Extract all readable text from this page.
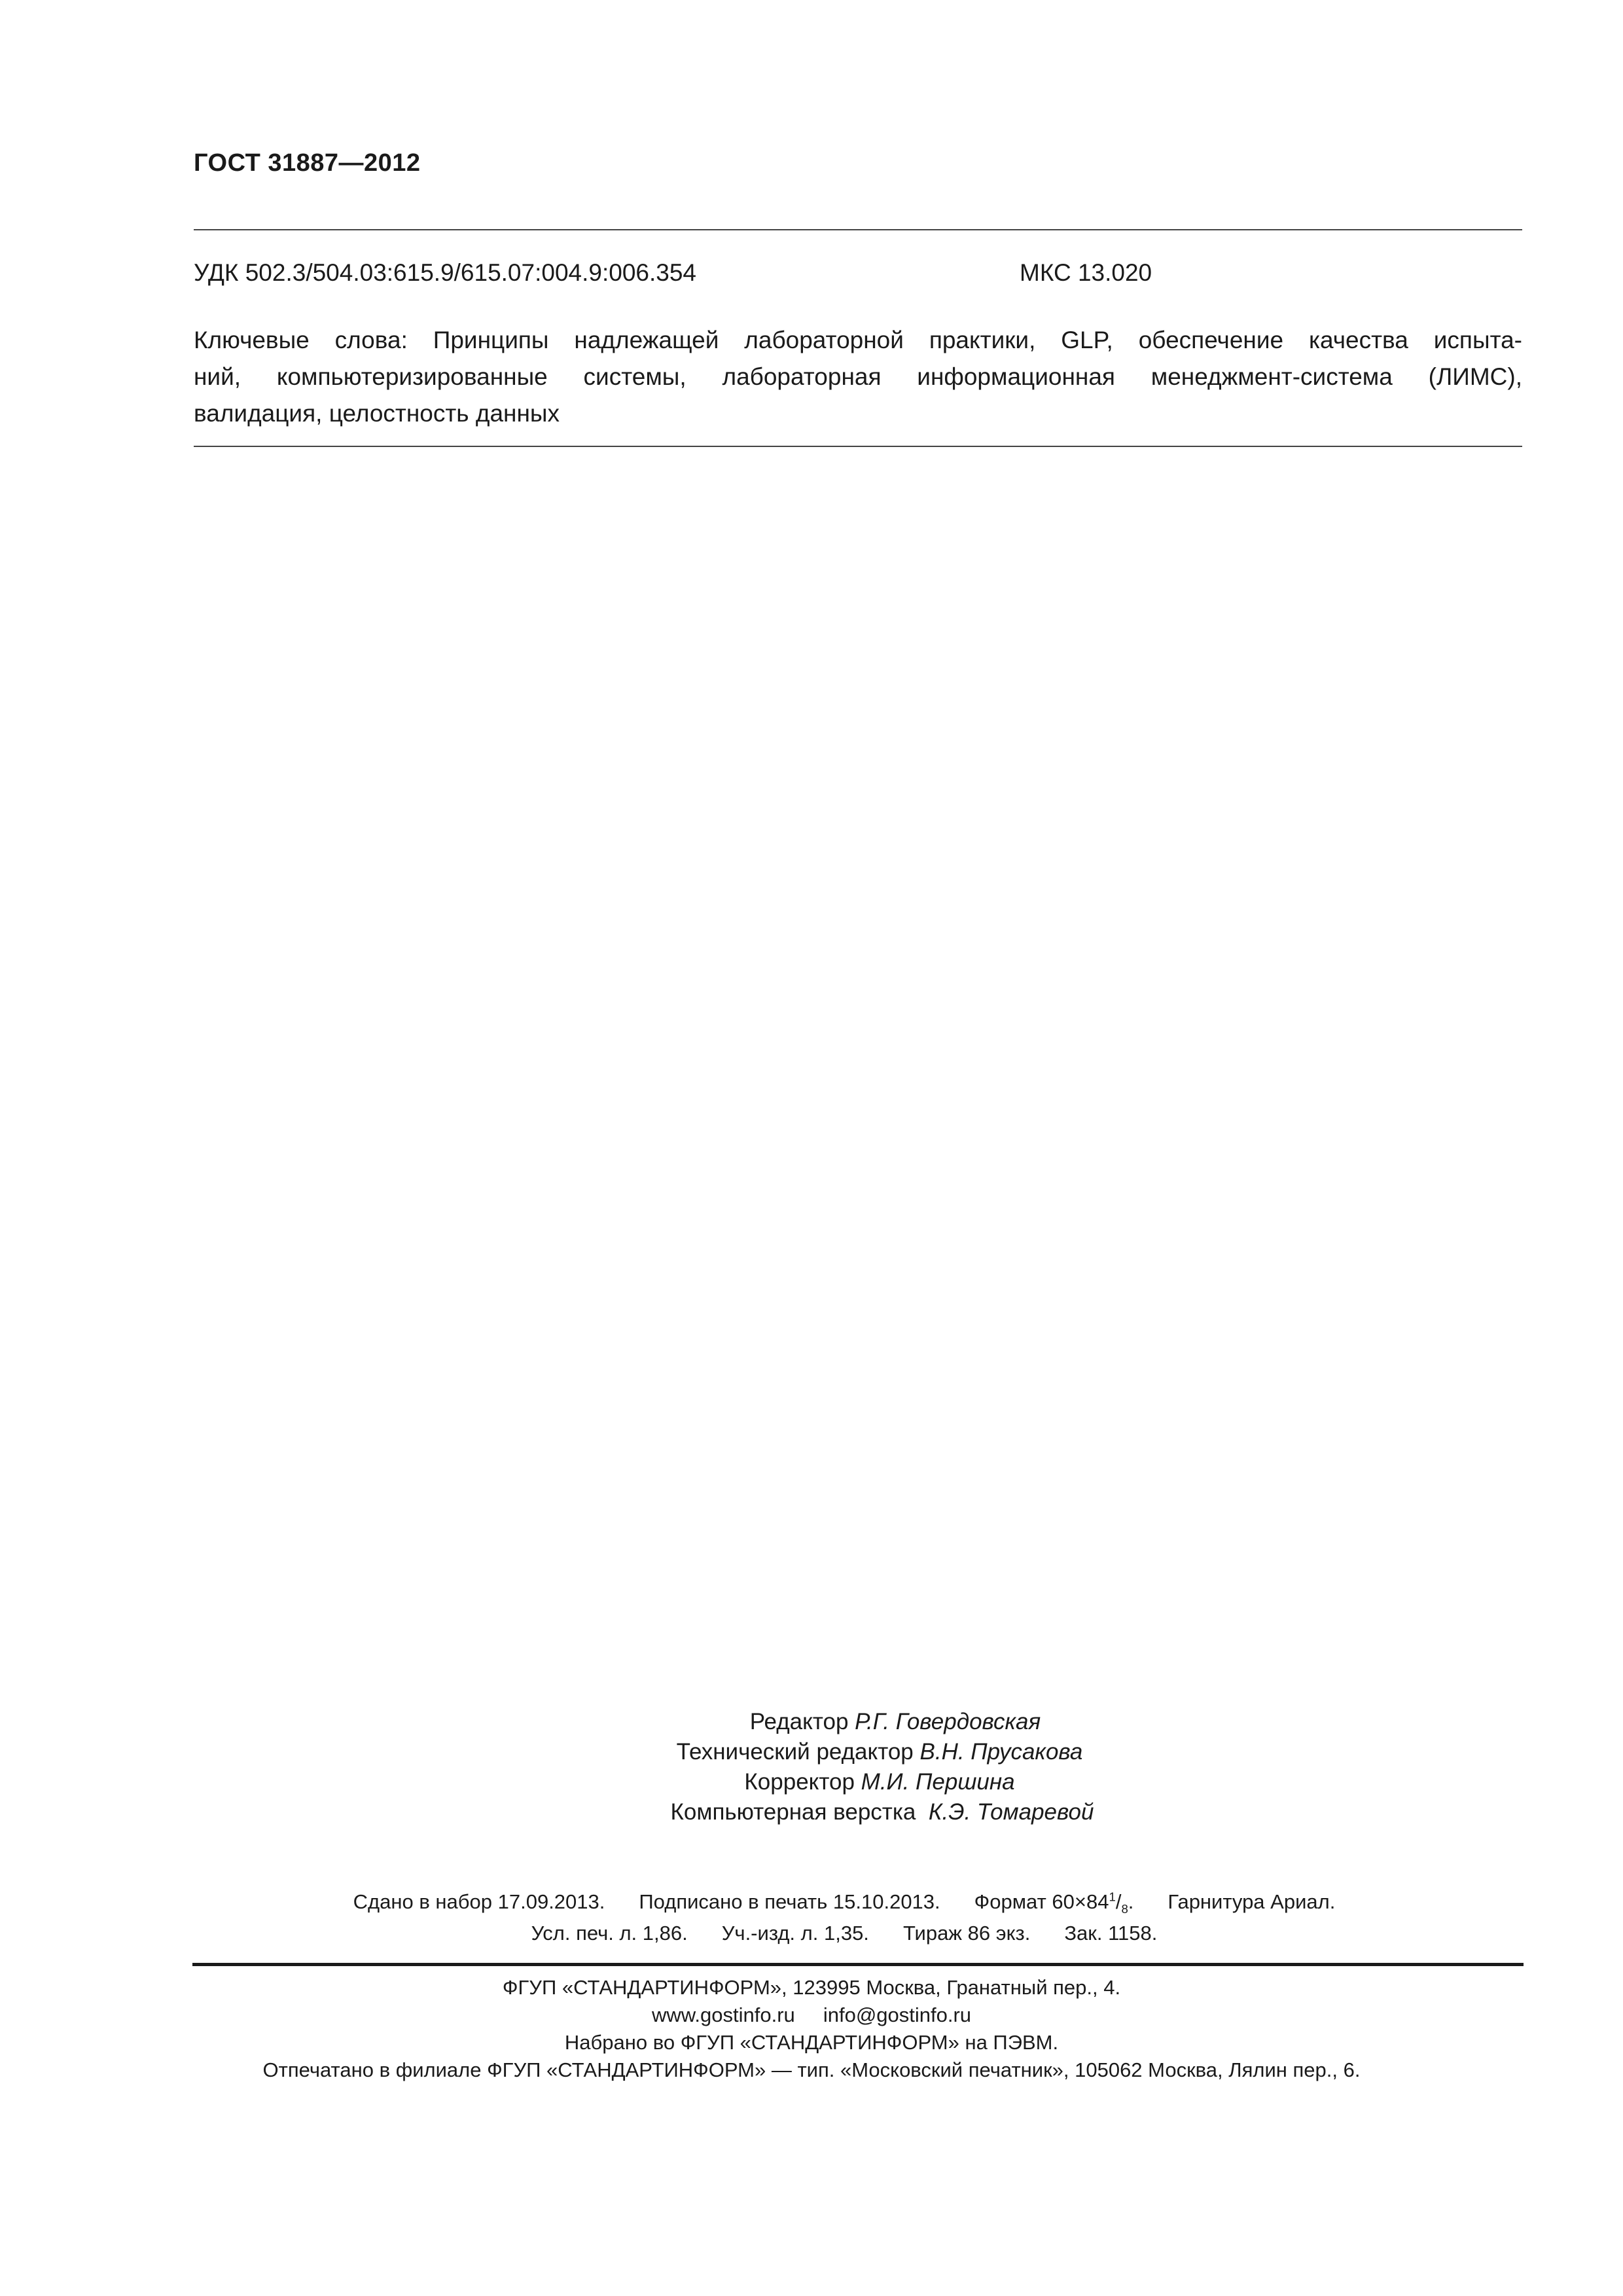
ГОСТ 31887—2012
УДК 502.3/504.03:615.9/615.07:004.9:006.354	МКС 13.020
Ключевые слова: Принципы надлежащей лабораторной практики, GLP, обеспечение качества испыта-
ний, компьютеризированные системы, лабораторная информационная менеджмент-система (ЛИМС),
валидация, целостность данных
Редактор Р.Г. Говердовская
Технический редактор В.Н. Прусакова
Корректор М.И. Першина
Компьютерная верстка К.Э. Томаревой
Сдано в набор 17.09.2013. Подписано в печать 15.10.2013. Формат $60\times 84^1/_8$. Гарнитура Ариал.
Усл. печ. л. 1,86. Уч.-изд. л. 1,35. Тираж 86 экз. Зак. 1158.
ФГУП «СТАНДАРТИНФОРМ», 123995 Москва, Гранатный пер., 4.
www.gostinfo.ru info@gostinfo.ru
Набрано во ФГУП «СТАНДАРТИНФОРМ» на ПЭВМ.
Отпечатано в филиале ФГУП «СТАНДАРТИНФОРМ» — тип. «Московский печатник», 105062 Москва, Лялин пер., 6.
